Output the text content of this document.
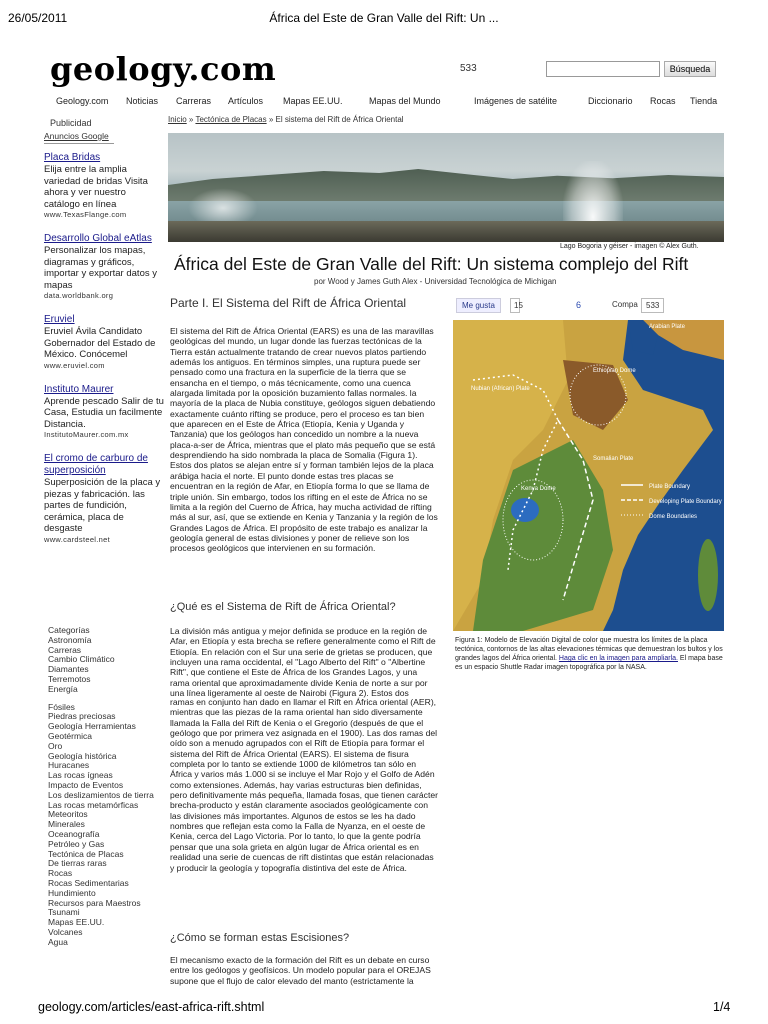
26/05/2011	África del Este de Gran Valle del Rift: Un ...
geology.com	533	Búsqueda
Geology.com Noticias Carreras Artículos Mapas EE.UU.	Mapas del Mundo	Imágenes de satélite	Diccionario Rocas Tienda
Publicidad
Anuncios Google
Placa Bridas
Elija entre la amplia variedad de bridas Visita ahora y ver nuestro catálogo en línea
www.TexasFlange.com
Desarrollo Global eAtlas
Personalizar los mapas, diagramas y gráficos, importar y exportar datos y mapas
data.worldbank.org
Eruviel
Eruviel Ávila Candidato Gobernador del Estado de México. Conócemel
www.eruviel.com
Instituto Maurer
Aprende pescado Salir de tu Casa, Estudia un facilmente Distancia.
InstitutoMaurer.com.mx
El cromo de carburo de superposición
Superposición de la placa y piezas y fabricación. las partes de fundición, cerámica, placa de desgaste
www.cardsteel.net
Categorías
Astronomía
Carreras
Cambio Climático
Diamantes
Terremotos
Energía
Fósiles
Piedras preciosas
Geología Herramientas
Geotérmica
Oro
Geología histórica
Huracanes
Las rocas ígneas
Impacto de Eventos
Los deslizamientos de tierra
Las rocas metamórficas
Meteoritos
Minerales
Oceanografía
Petróleo y Gas
Tectónica de Placas
De tierras raras
Rocas
Rocas Sedimentarias
Hundimiento
Recursos para Maestros
Tsunami
Mapas EE.UU.
Volcanes
Agua
Inicio » Tectónica de Placas » El sistema del Rift de África Oriental
Lago Bogoria y géiser - imagen © Alex Guth.
África del Este de Gran Valle del Rift: Un sistema complejo del Rift
por Wood y James Guth Alex - Universidad Tecnológica de Michigan
Parte I. El Sistema del Rift de África Oriental	Me gusta	15	6	Compa	533
El sistema del Rift de África Oriental (EARS) es una de las maravillas geológicas del mundo, un lugar donde las fuerzas tectónicas de la Tierra están actualmente tratando de crear nuevos platos partiendo además los antiguos. En términos simples, una ruptura puede ser pensado como una fractura en la superficie de la tierra que se ensancha en el tiempo, o más técnicamente, como una cuenca alargada limitada por la oposición buzamiento fallas normales. la mayoría de la placa de Nubia constituye, geólogos siguen debatiendo exactamente cuánto rifting se produce, pero el proceso es tan bien que aparecen en el Este de África (Etiopía, Kenia y Uganda y Tanzania) que los geólogos han concedido un nombre a la nueva placa-a-ser de África, mientras que el plato más pequeño que se está desprendiendo ha sido nombrada la placa de Somalia (Figura 1). Estos dos platos se alejan entre sí y forman también lejos de la placa arábiga hacia el norte. El punto donde estas tres placas se encuentran en la región de Afar, en Etiopía forma lo que se llama de triple unión. Sin embargo, todos los rifting en el este de África no se limita a la región del Cuerno de África, hay mucha actividad de rifting más al sur, así, que se extiende en Kenia y Tanzania y la región de los Grandes Lagos de África. El propósito de este trabajo es analizar la geología general de estas divisiones y poner de relieve son los procesos geológicos que intervienen en su formación.
¿Qué es el Sistema de Rift de África Oriental?
La división más antigua y mejor definida se produce en la región de Afar, en Etiopía y esta brecha se refiere generalmente como el Rift de Etiopía. En relación con el Sur una serie de grietas se producen, que incluyen una rama occidental, el "Lago Alberto del Rift" o "Albertine Rift", que contiene el Este de África de los Grandes Lagos, y una rama oriental que aproximadamente divide Kenia de norte a sur por una línea ligeramente al oeste de Nairobi (Figura 2). Estos dos
ramas en conjunto han dado en llamar el Rift en África oriental (AER), mientras que las piezas de la rama oriental han sido diversamente llamada la Falla del Rift de Kenia o el Gregorio (después de que el geólogo que por primera vez asignada en el 1900). Las dos ramas del oído son a menudo agrupados con el Rift de Etiopía para formar el sistema del Rift de África Oriental (EARS). El sistema de fisura completa por lo tanto se extiende 1000 de kilómetros tan sólo en África y varios más 1.000 si se incluye el Mar Rojo y el Golfo de Adén como extensiones. Además, hay varias estructuras bien definidas, pero definitivamente más pequeña, llamada fosas, que tienen carácter brecha-producto y están claramente asociados geológicamente con las divisiones más importantes. Algunos de estos se les ha dado nombres que reflejan esta como la Falla de Nyanza, en el oeste de Kenia, cerca del Lago Victoria. Por lo tanto, lo que la gente podría pensar que una sola grieta en algún lugar de África oriental es en realidad una serie de cuencas de rift distintas que están relacionadas y producir la geología y topografía distintiva del este de África.
¿Cómo se forman estas Escisiones?
El mecanismo exacto de la formación del Rift es un debate en curso entre los geólogos y geofísicos. Un modelo popular para el OREJAS supone que el flujo de calor elevado del manto (estrictamente la
Arabian Plate
Nubian (African) Plate
Ethiopian Dome
Somalian Plate
Kenya Dome	Plate Boundary
Developing Plate Boundary
Dome Boundaries
Figura 1: Modelo de Elevación Digital de color que muestra los límites de la placa tectónica, contornos de las altas elevaciones térmicas que demuestran los bultos y los grandes lagos del África oriental. Haga clic en la imagen para ampliarla. El mapa base es un espacio Shuttle Radar imagen topográfica por la NASA.
geology.com/articles/east-africa-rift.shtml	1/4
